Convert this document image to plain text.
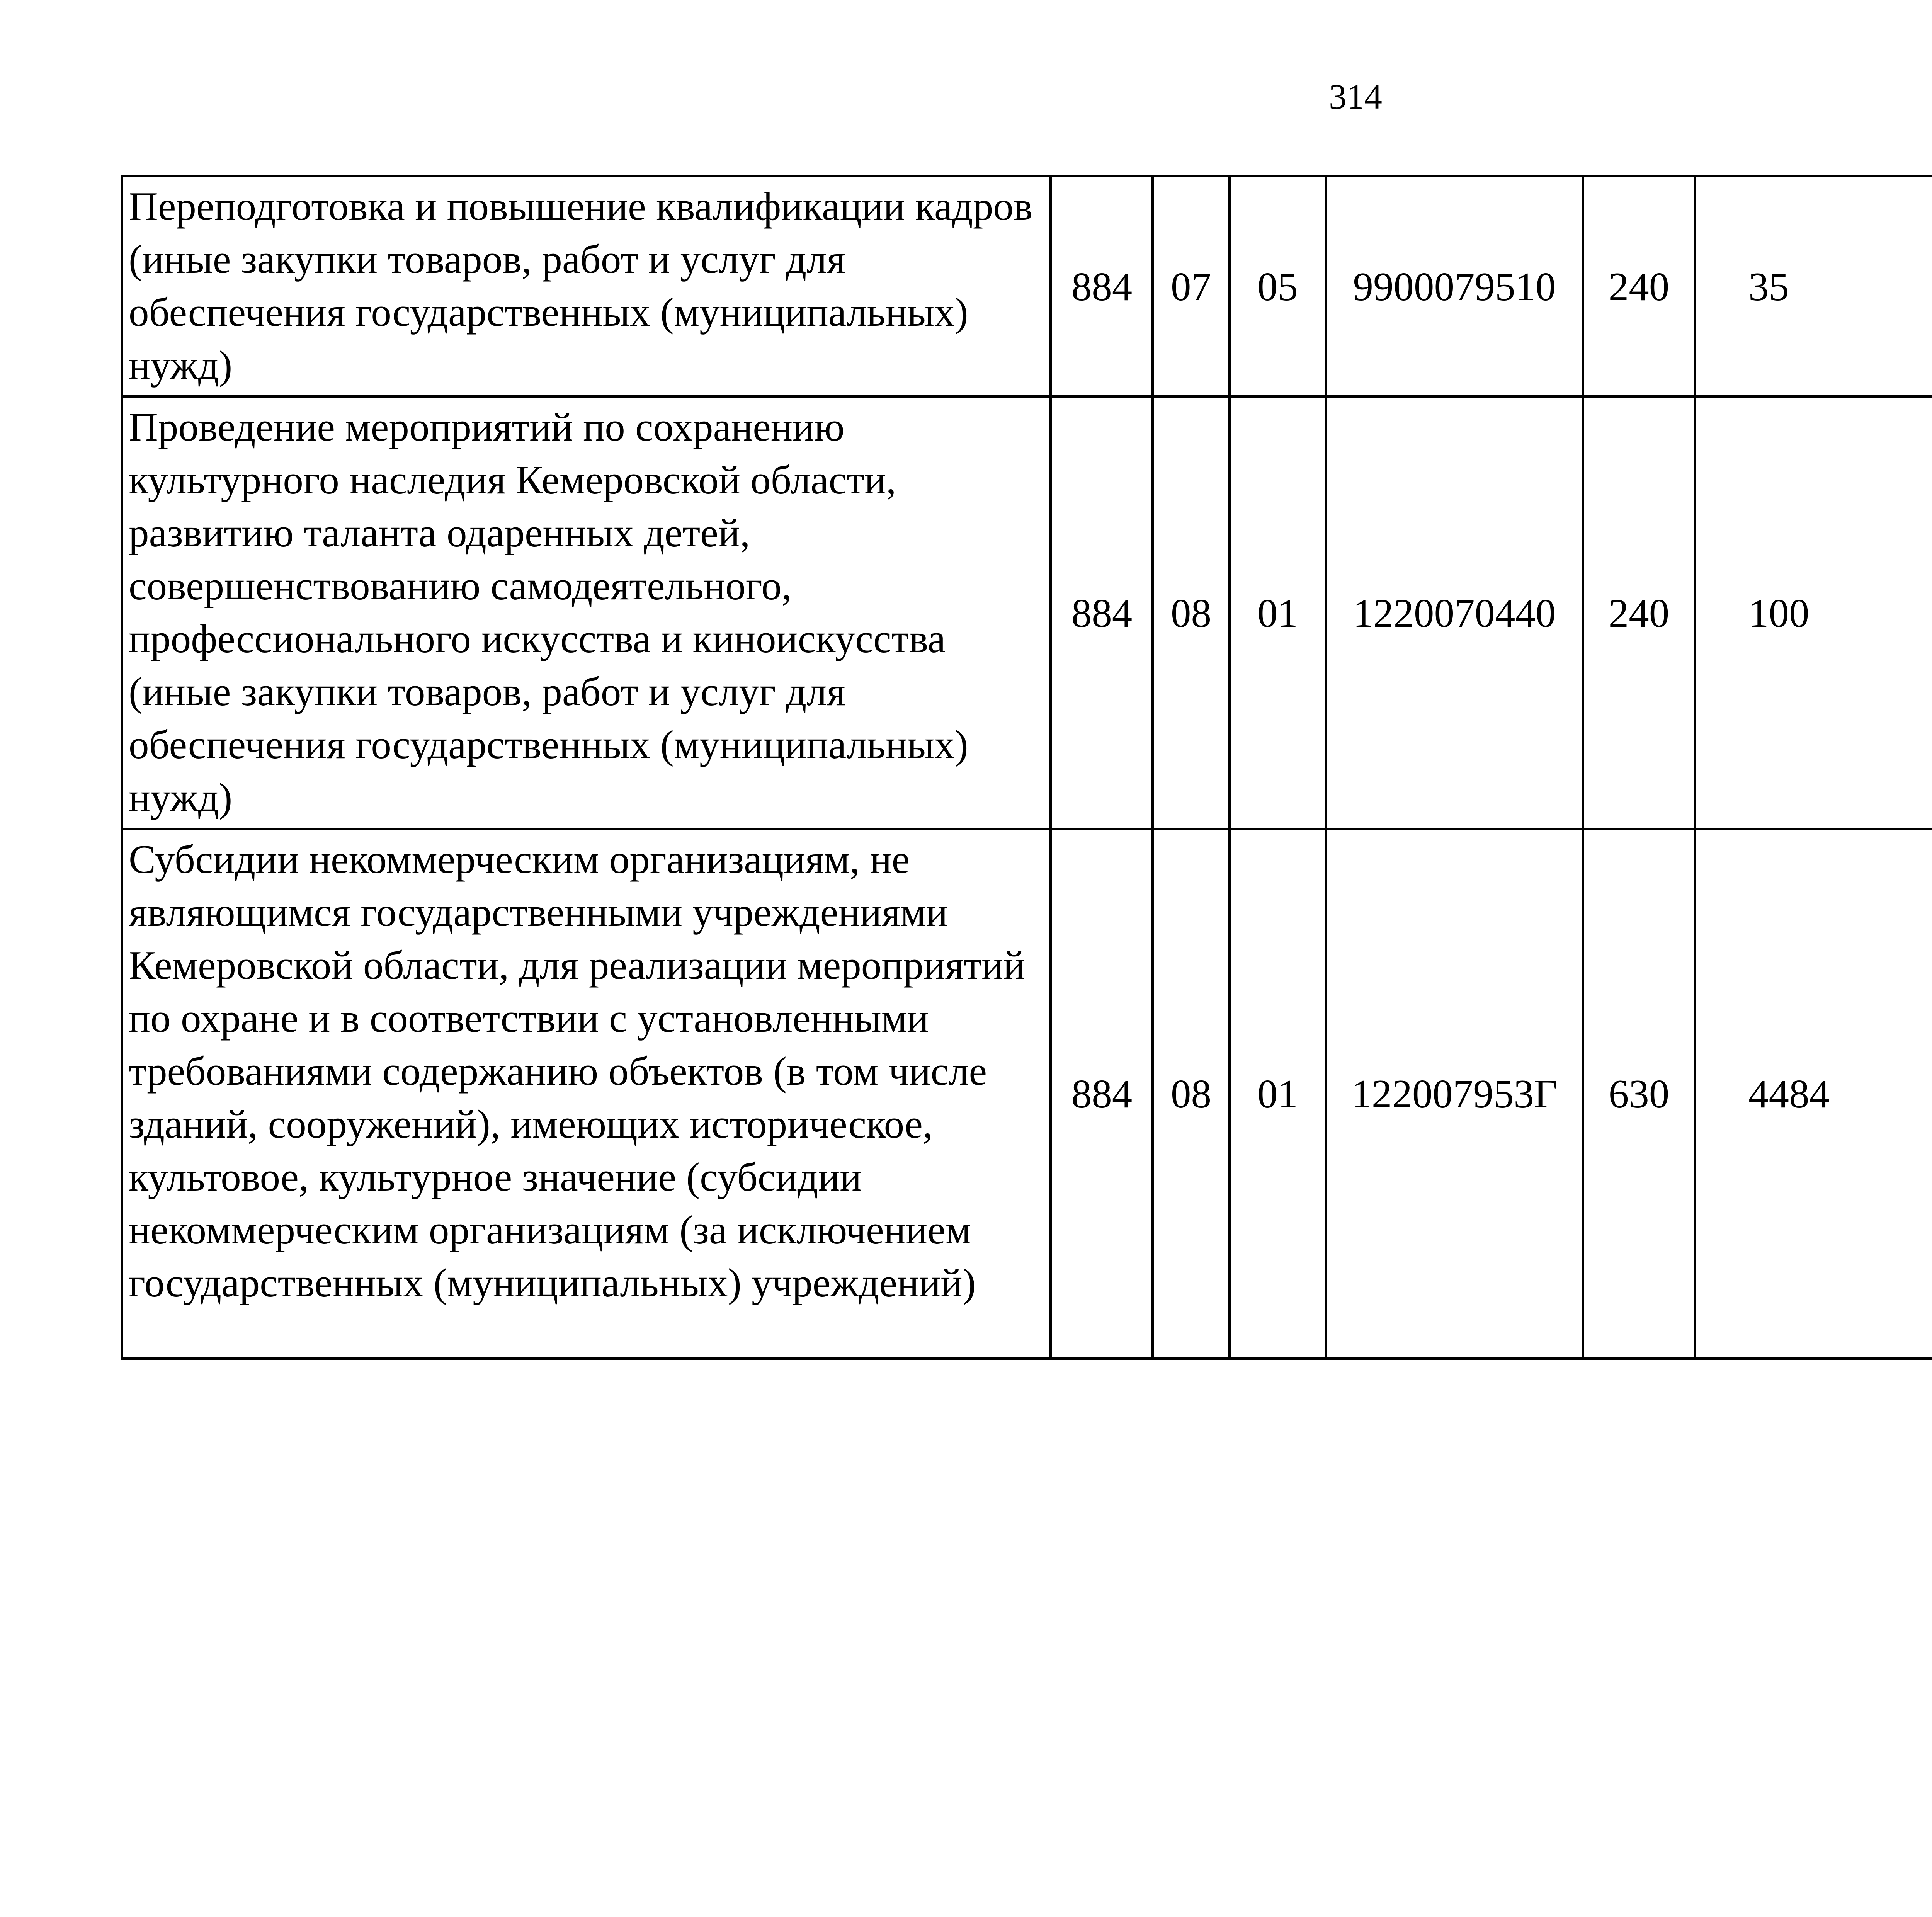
314
Переподготовка и повышение квалификации кадров (иные закупки товаров, работ и услуг для обеспечения государственных (муниципальных) нужд)	884	07	05	9900079510	240	35		
Проведение мероприятий по сохранению культурного наследия Кемеровской области, развитию таланта одаренных детей, совершенствованию самодеятельного, профессионального искусства и киноискусства (иные закупки товаров, работ и услуг для обеспечения государственных (муниципальных) нужд)	884	08	01	1220070440	240	100		
Субсидии некоммерческим организациям, не являющимся государственными учреждениями Кемеровской области, для реализации мероприятий по охране и в соответствии с установленными требованиями содержанию объектов (в том числе зданий, сооружений), имеющих историческое, культовое, культурное значение (субсидии некоммерческим организациям (за исключением государственных (муниципальных) учреждений)	884	08	01	122007953Г	630	4484		
